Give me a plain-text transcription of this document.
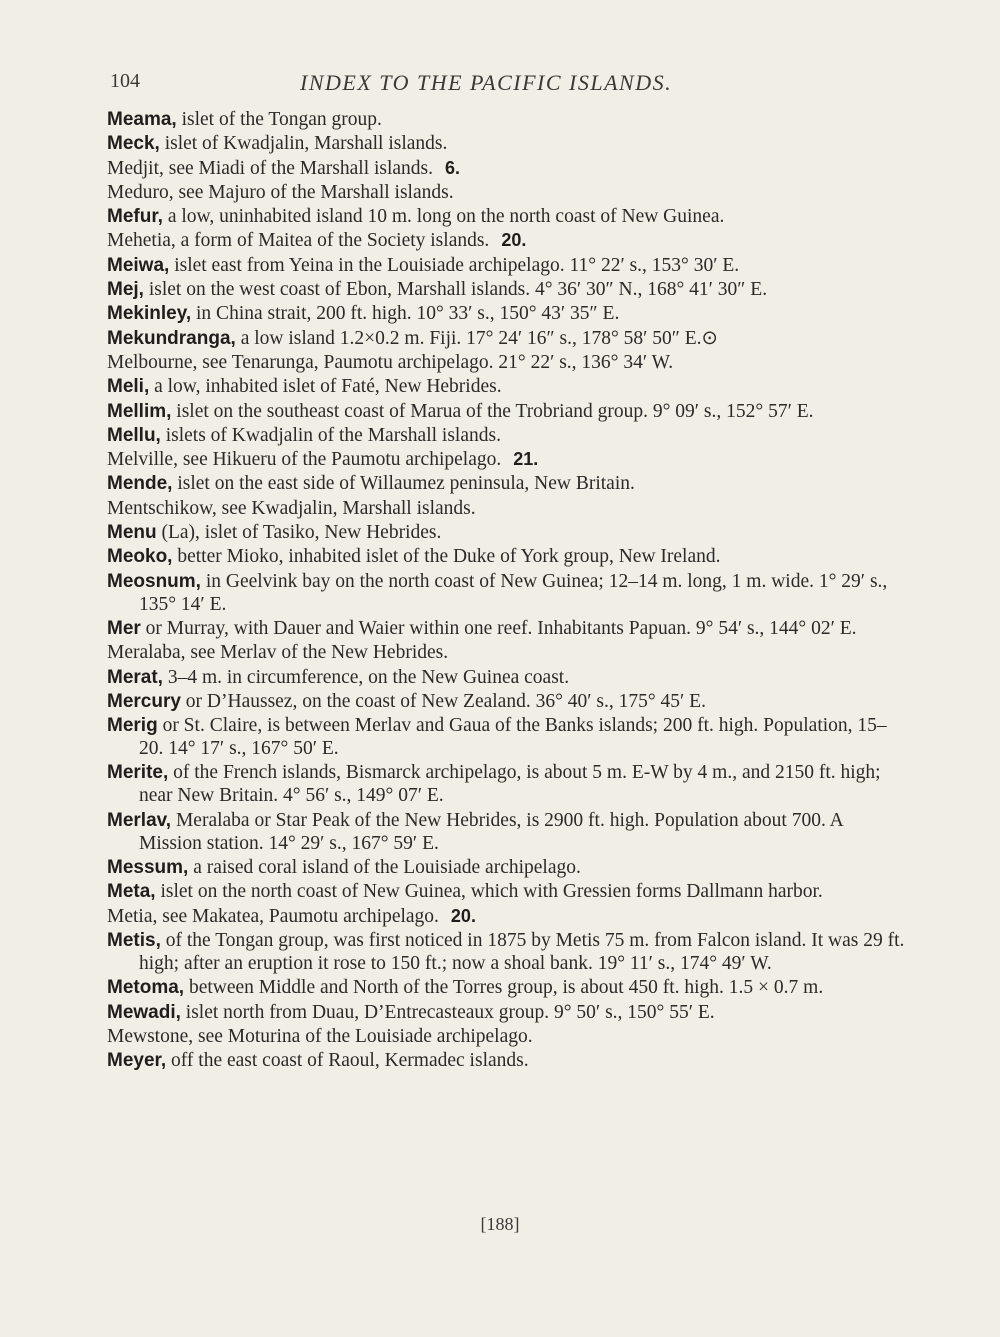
104	INDEX TO THE PACIFIC ISLANDS.
Meama, islet of the Tongan group.
Meck, islet of Kwadjalin, Marshall islands.
Medjit, see Miadi of the Marshall islands. 6.
Meduro, see Majuro of the Marshall islands.
Mefur, a low, uninhabited island 10 m. long on the north coast of New Guinea.
Mehetia, a form of Maitea of the Society islands. 20.
Meiwa, islet east from Yeina in the Louisiade archipelago. 11° 22′ s., 153° 30′ E.
Mej, islet on the west coast of Ebon, Marshall islands. 4° 36′ 30″ N., 168° 41′ 30″ E.
Mekinley, in China strait, 200 ft. high. 10° 33′ s., 150° 43′ 35″ E.
Mekundranga, a low island 1.2×0.2 m. Fiji. 17° 24′ 16″ s., 178° 58′ 50″ E.⊙
Melbourne, see Tenarunga, Paumotu archipelago. 21° 22′ s., 136° 34′ W.
Meli, a low, inhabited islet of Faté, New Hebrides.
Mellim, islet on the southeast coast of Marua of the Trobriand group. 9° 09′ s., 152° 57′ E.
Mellu, islets of Kwadjalin of the Marshall islands.
Melville, see Hikueru of the Paumotu archipelago. 21.
Mende, islet on the east side of Willaumez peninsula, New Britain.
Mentschikow, see Kwadjalin, Marshall islands.
Menu (La), islet of Tasiko, New Hebrides.
Meoko, better Mioko, inhabited islet of the Duke of York group, New Ireland.
Meosnum, in Geelvink bay on the north coast of New Guinea; 12–14 m. long, 1 m. wide. 1° 29′ s., 135° 14′ E.
Mer or Murray, with Dauer and Waier within one reef. Inhabitants Papuan. 9° 54′ s., 144° 02′ E.
Meralaba, see Merlav of the New Hebrides.
Merat, 3–4 m. in circumference, on the New Guinea coast.
Mercury or D’Haussez, on the coast of New Zealand. 36° 40′ s., 175° 45′ E.
Merig or St. Claire, is between Merlav and Gaua of the Banks islands; 200 ft. high. Population, 15–20. 14° 17′ s., 167° 50′ E.
Merite, of the French islands, Bismarck archipelago, is about 5 m. E-W by 4 m., and 2150 ft. high; near New Britain. 4° 56′ s., 149° 07′ E.
Merlav, Meralaba or Star Peak of the New Hebrides, is 2900 ft. high. Population about 700. A Mission station. 14° 29′ s., 167° 59′ E.
Messum, a raised coral island of the Louisiade archipelago.
Meta, islet on the north coast of New Guinea, which with Gressien forms Dallmann harbor.
Metia, see Makatea, Paumotu archipelago. 20.
Metis, of the Tongan group, was first noticed in 1875 by Metis 75 m. from Falcon island. It was 29 ft. high; after an eruption it rose to 150 ft.; now a shoal bank. 19° 11′ s., 174° 49′ W.
Metoma, between Middle and North of the Torres group, is about 450 ft. high. 1.5 × 0.7 m.
Mewadi, islet north from Duau, D’Entrecasteaux group. 9° 50′ s., 150° 55′ E.
Mewstone, see Moturina of the Louisiade archipelago.
Meyer, off the east coast of Raoul, Kermadec islands.
[188]
